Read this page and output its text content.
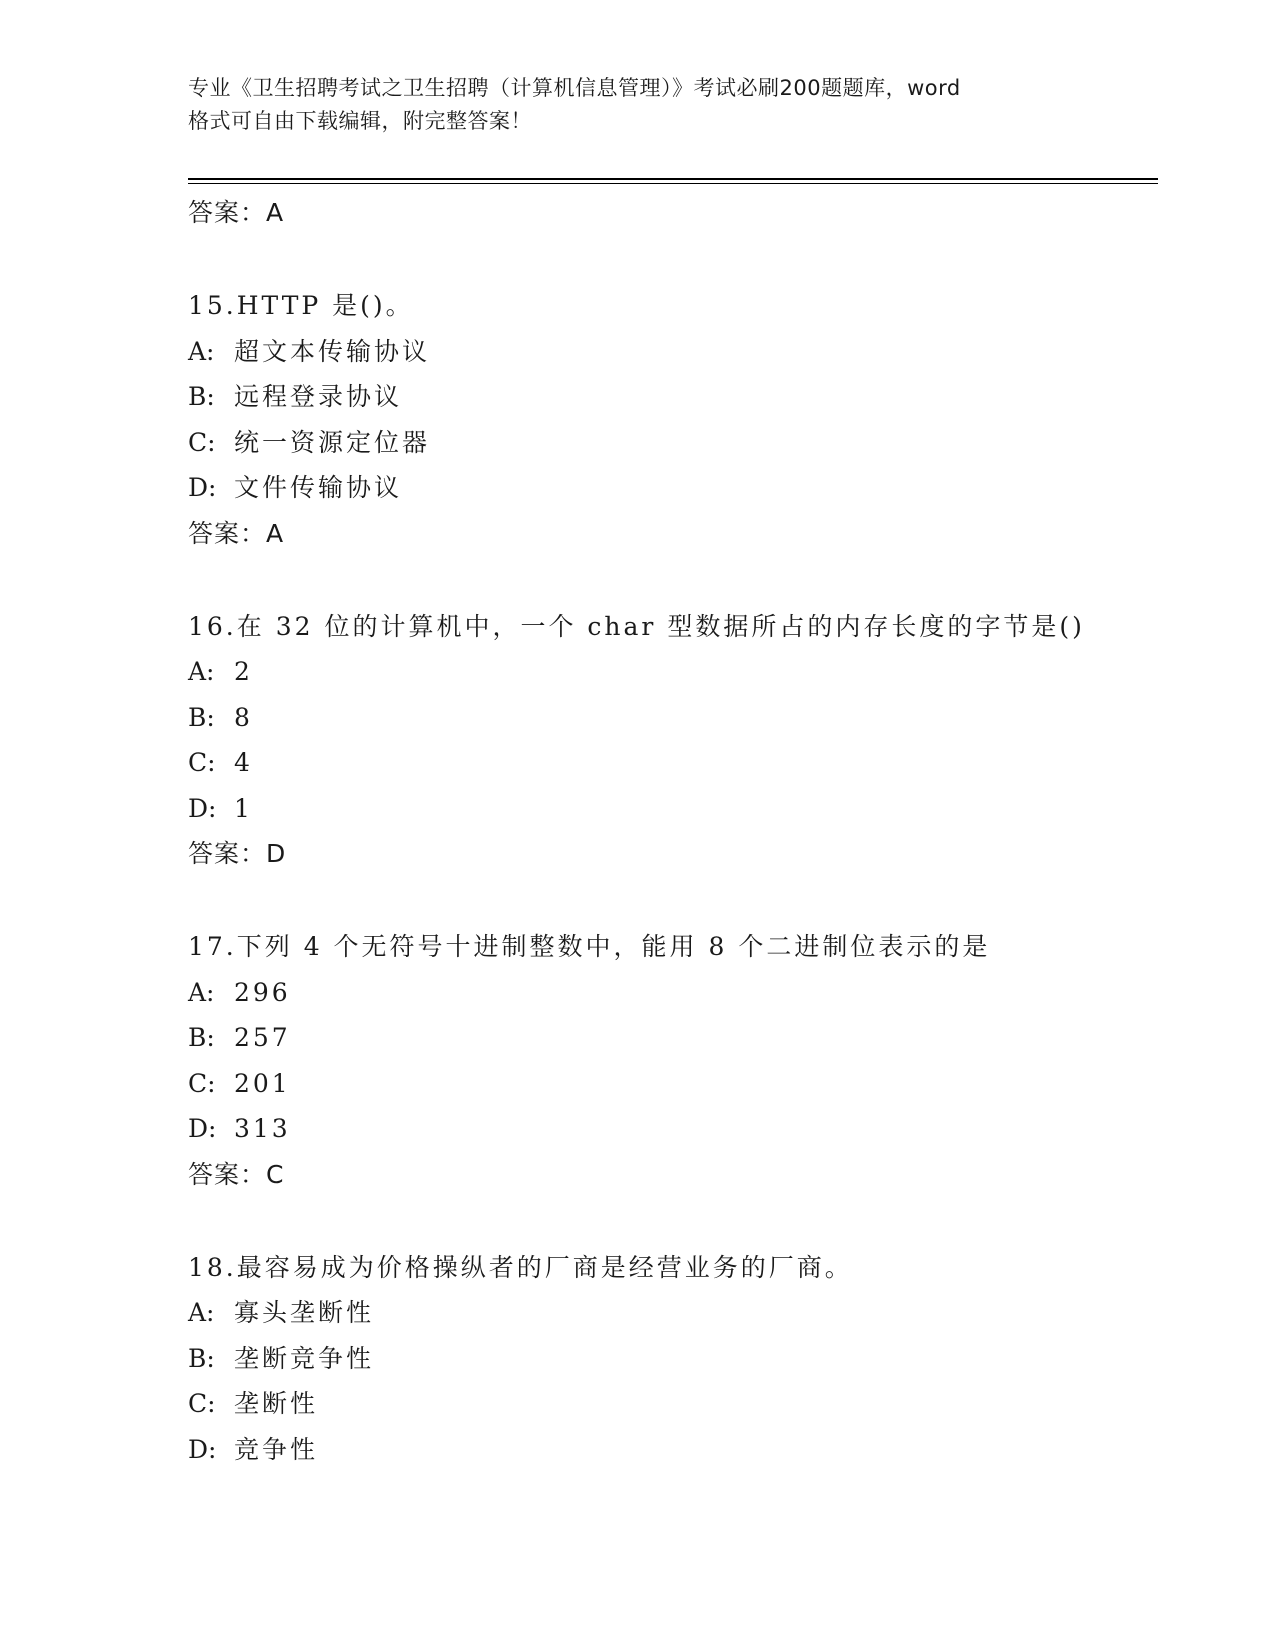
专业《卫生招聘考试之卫生招聘（计算机信息管理）》考试必刷200题题库，word
格式可自由下载编辑，附完整答案！
答案：A
15.HTTP 是()。
A: 超文本传输协议
B: 远程登录协议
C: 统一资源定位器
D: 文件传输协议
答案：A
16.在 32 位的计算机中，一个 char 型数据所占的内存长度的字节是()
A: 2
B: 8
C: 4
D: 1
答案：D
17.下列 4 个无符号十进制整数中，能用 8 个二进制位表示的是
A: 296
B: 257
C: 201
D: 313
答案：C
18.最容易成为价格操纵者的厂商是经营业务的厂商。
A: 寡头垄断性
B: 垄断竞争性
C: 垄断性
D: 竞争性
